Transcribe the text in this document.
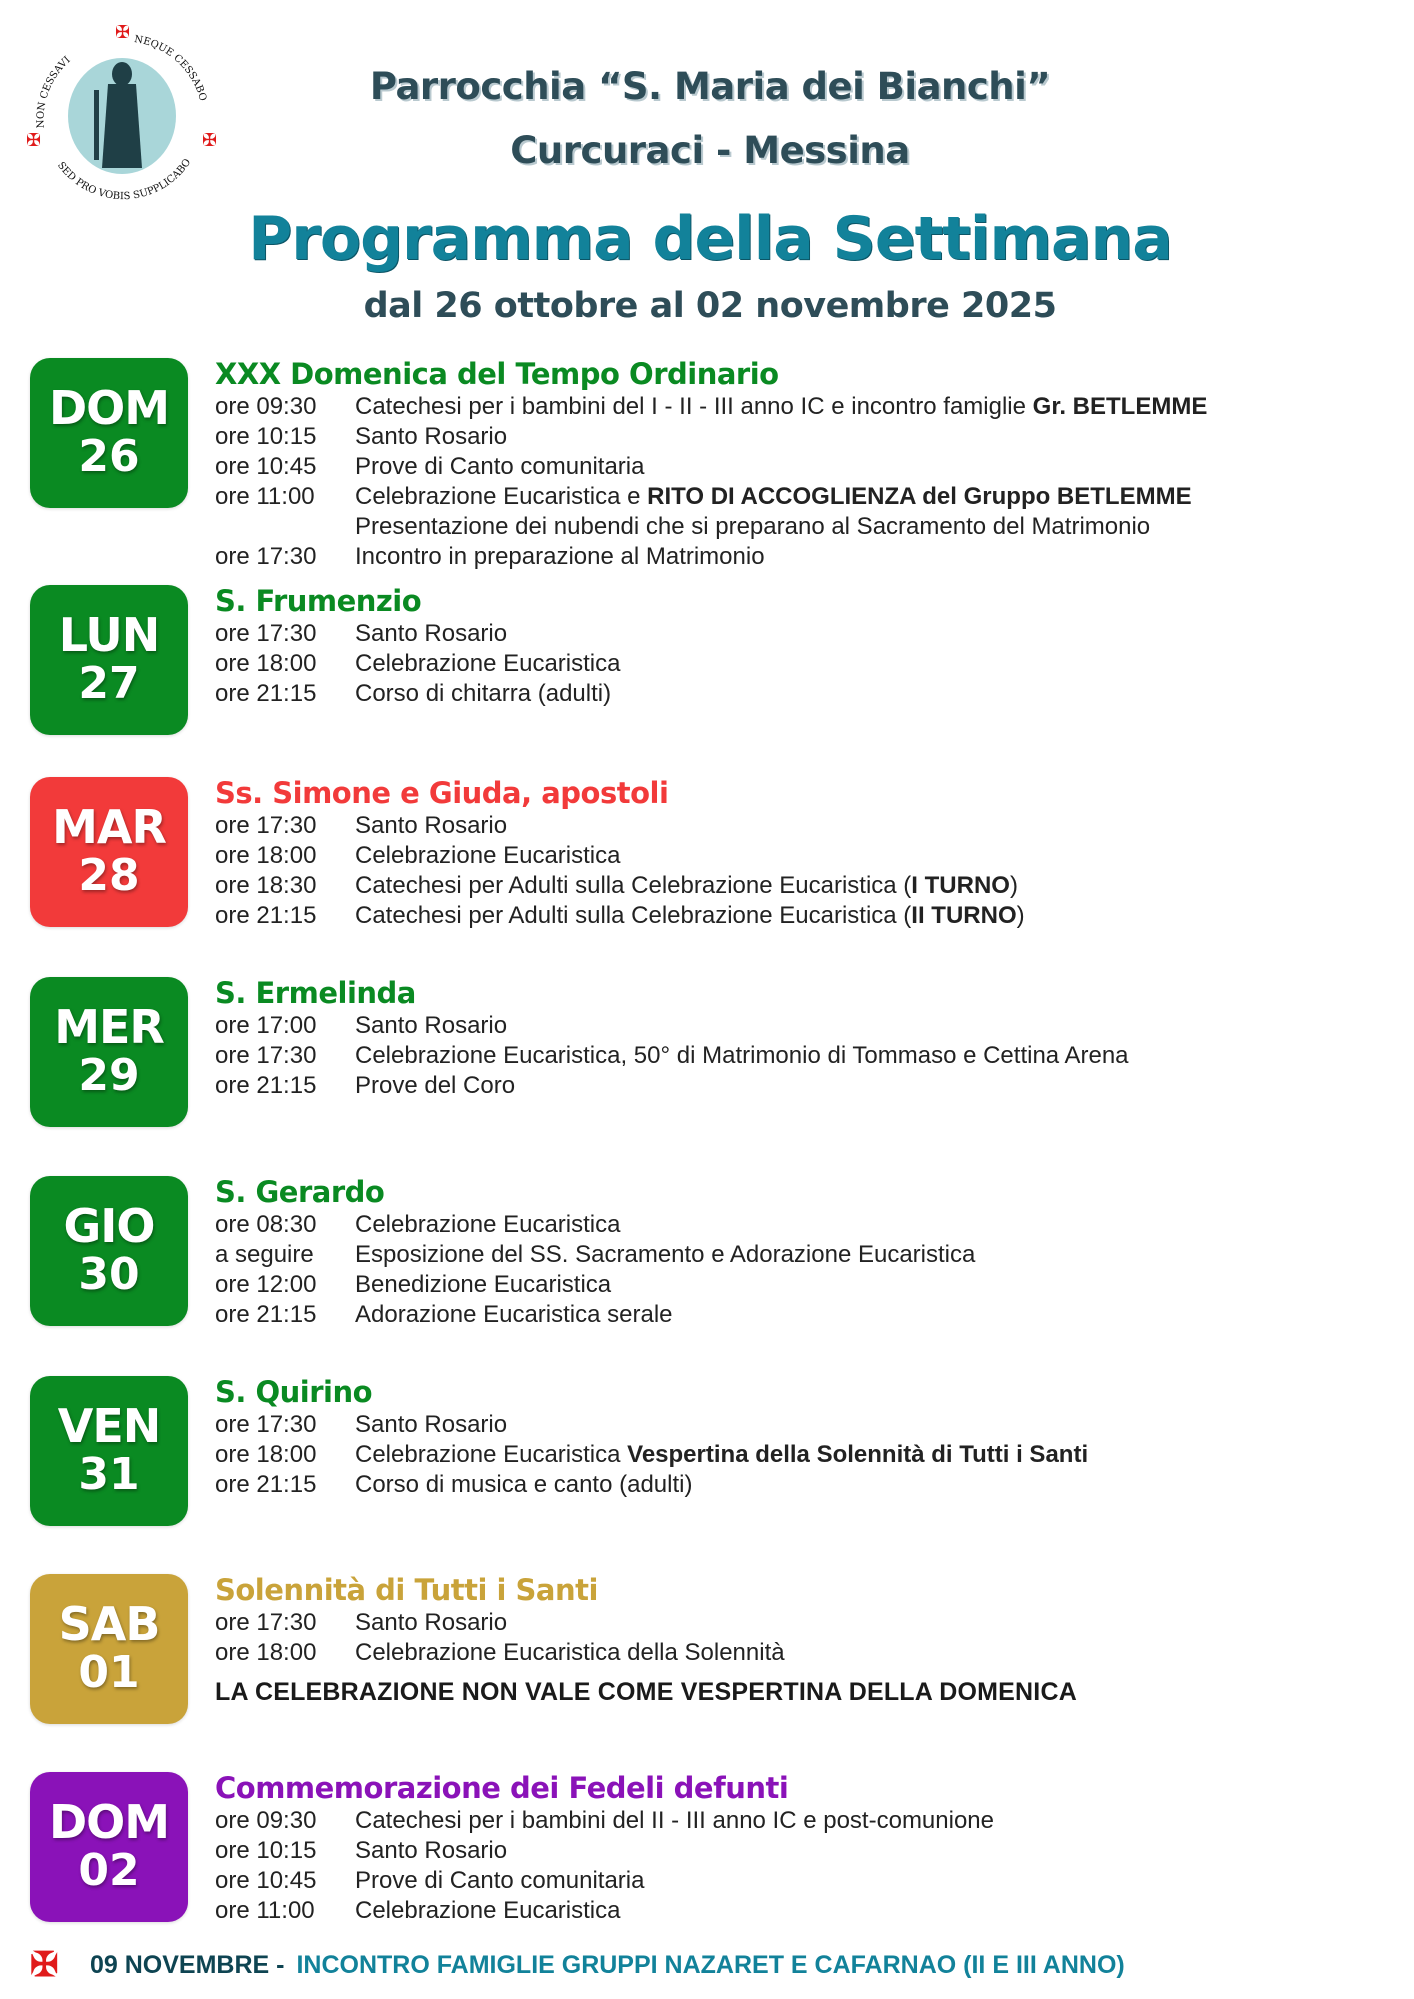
✠
✠	✠
NON CESSAVI
NEQUE CESSABO
SED PRO VOBIS SUPPLICABO
Parrocchia “S. Maria dei Bianchi”
Curcuraci - Messina
Programma della Settimana
dal 26 ottobre al 02 novembre 2025
DOM
26
XXX Domenica del Tempo Ordinario
ore 09:30	Catechesi per i bambini del I - II - III anno IC e incontro famiglie Gr. BETLEMME
ore 10:15	Santo Rosario
ore 10:45	Prove di Canto comunitaria
ore 11:00	Celebrazione Eucaristica e RITO DI ACCOGLIENZA del Gruppo BETLEMME
Presentazione dei nubendi che si preparano al Sacramento del Matrimonio
ore 17:30	Incontro in preparazione al Matrimonio
LUN
27
S. Frumenzio
ore 17:30	Santo Rosario
ore 18:00	Celebrazione Eucaristica
ore 21:15	Corso di chitarra (adulti)
MAR
28
Ss. Simone e Giuda, apostoli
ore 17:30	Santo Rosario
ore 18:00	Celebrazione Eucaristica
ore 18:30	Catechesi per Adulti sulla Celebrazione Eucaristica (I TURNO)
ore 21:15	Catechesi per Adulti sulla Celebrazione Eucaristica (II TURNO)
MER
29
S. Ermelinda
ore 17:00	Santo Rosario
ore 17:30	Celebrazione Eucaristica, 50° di Matrimonio di Tommaso e Cettina Arena
ore 21:15	Prove del Coro
GIO
30
S. Gerardo
ore 08:30	Celebrazione Eucaristica
a seguire	Esposizione del SS. Sacramento e Adorazione Eucaristica
ore 12:00	Benedizione Eucaristica
ore 21:15	Adorazione Eucaristica serale
VEN
31
S. Quirino
ore 17:30	Santo Rosario
ore 18:00	Celebrazione Eucaristica Vespertina della Solennità di Tutti i Santi
ore 21:15	Corso di musica e canto (adulti)
SAB
01
Solennità di Tutti i Santi
ore 17:30	Santo Rosario
ore 18:00	Celebrazione Eucaristica della Solennità
LA CELEBRAZIONE NON VALE COME VESPERTINA DELLA DOMENICA
DOM
02
Commemorazione dei Fedeli defunti
ore 09:30	Catechesi per i bambini del II - III anno IC e post-comunione
ore 10:15	Santo Rosario
ore 10:45	Prove di Canto comunitaria
ore 11:00	Celebrazione Eucaristica
✠	09 NOVEMBRE - INCONTRO FAMIGLIE GRUPPI NAZARET E CAFARNAO (II E III ANNO)
